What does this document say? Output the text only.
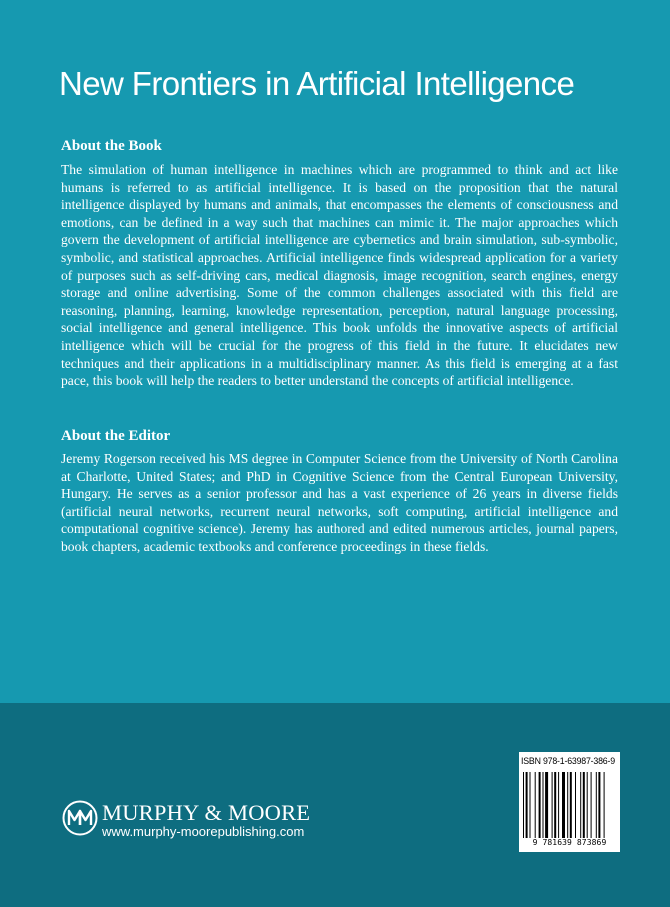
New Frontiers in Artificial Intelligence
About the Book

The simulation of human intelligence in machines which are programmed to think and act like humans is referred to as artificial intelligence. It is based on the proposition that the natural intelligence displayed by humans and animals, that encompasses the elements of consciousness and emotions, can be defined in a way such that machines can mimic it. The major approaches which govern the development of artificial intelligence are cybernetics and brain simulation, sub-symbolic, symbolic, and statistical approaches. Artificial intelligence finds widespread application for a variety of purposes such as self-driving cars, medical diagnosis, image recognition, search engines, energy storage and online advertising. Some of the common challenges associated with this field are reasoning, planning, learning, knowledge representation, perception, natural language processing, social intelligence and general intelligence. This book unfolds the innovative aspects of artificial intelligence which will be crucial for the progress of this field in the future. It elucidates new techniques and their applications in a multidisciplinary manner. As this field is emerging at a fast pace, this book will help the readers to better understand the concepts of artificial intelligence.

About the Editor

Jeremy Rogerson received his MS degree in Computer Science from the University of North Carolina at Charlotte, United States; and PhD in Cognitive Science from the Central European University, Hungary. He serves as a senior professor and has a vast experience of 26 years in diverse fields (artificial neural networks, recurrent neural networks, soft computing, artificial intelligence and computational cognitive science). Jeremy has authored and edited numerous articles, journal papers, book chapters, academic textbooks and conference proceedings in these fields.

MURPHY & MOORE
www.murphy-moorepublishing.com
ISBN 978-1-63987-386-9
9 781639 873869
